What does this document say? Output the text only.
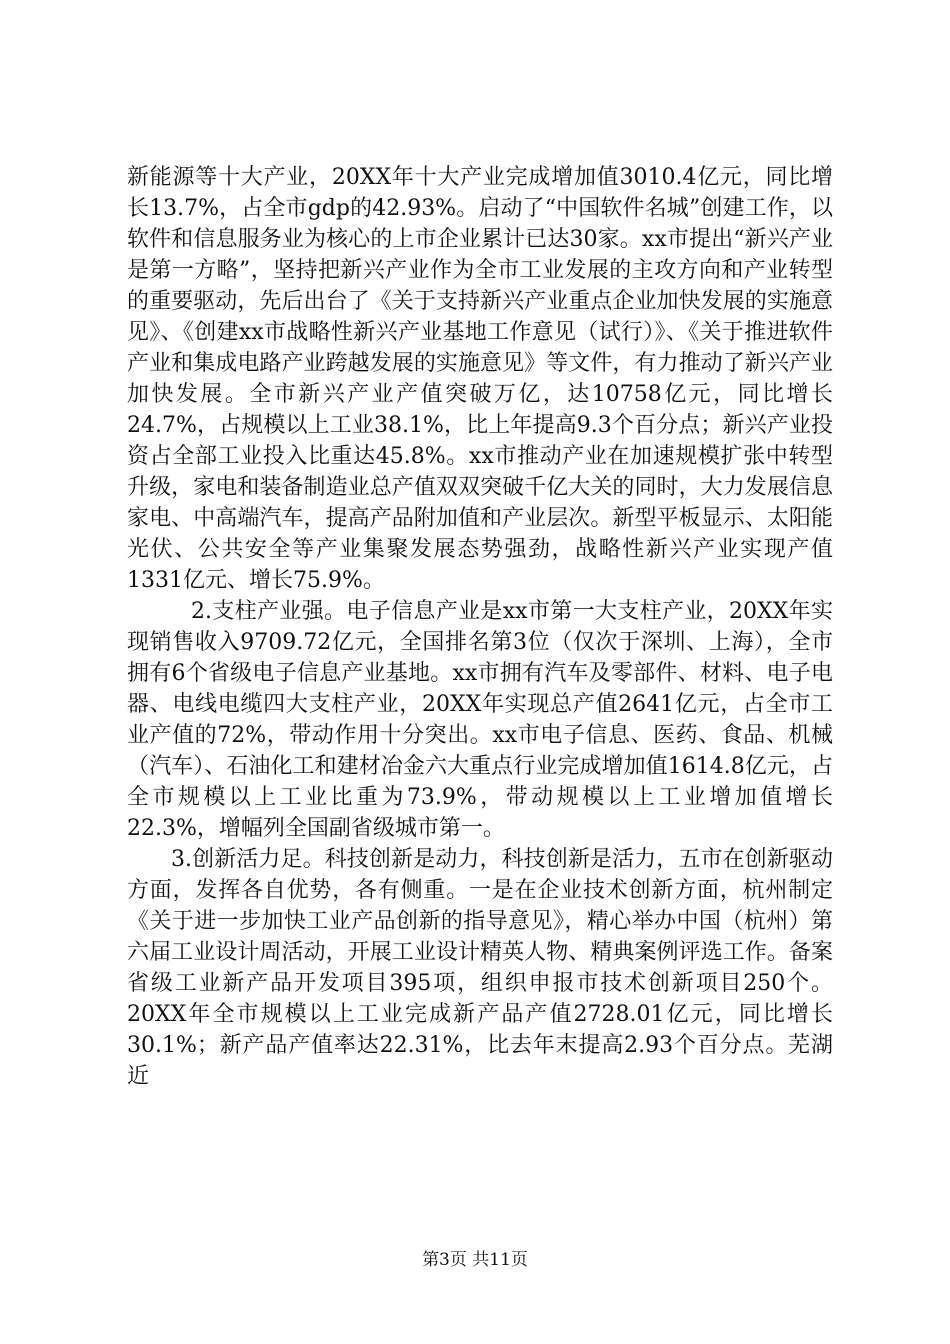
新能源等十大产业，20XX年十大产业完成增加值3010.4亿元，同比增长13.7%，占全市gdp的42.93%。启动了“中国软件名城”创建工作，以软件和信息服务业为核心的上市企业累计已达30家。xx市提出“新兴产业是第一方略”，坚持把新兴产业作为全市工业发展的主攻方向和产业转型的重要驱动，先后出台了《关于支持新兴产业重点企业加快发展的实施意见》、《创建xx市战略性新兴产业基地工作意见（试行）》、《关于推进软件产业和集成电路产业跨越发展的实施意见》等文件，有力推动了新兴产业加快发展。全市新兴产业产值突破万亿，达10758亿元，同比增长24.7%，占规模以上工业38.1%，比上年提高9.3个百分点；新兴产业投资占全部工业投入比重达45.8%。xx市推动产业在加速规模扩张中转型升级，家电和装备制造业总产值双双突破千亿大关的同时，大力发展信息家电、中高端汽车，提高产品附加值和产业层次。新型平板显示、太阳能光伏、公共安全等产业集聚发展态势强劲，战略性新兴产业实现产值1331亿元、增长75.9%。

2.支柱产业强。电子信息产业是xx市第一大支柱产业，20XX年实现销售收入9709.72亿元，全国排名第3位（仅次于深圳、上海），全市拥有6个省级电子信息产业基地。xx市拥有汽车及零部件、材料、电子电器、电线电缆四大支柱产业，20XX年实现总产值2641亿元，占全市工业产值的72%，带动作用十分突出。xx市电子信息、医药、食品、机械（汽车）、石油化工和建材冶金六大重点行业完成增加值1614.8亿元，占全市规模以上工业比重为73.9%，带动规模以上工业增加值增长22.3%，增幅列全国副省级城市第一。

3.创新活力足。科技创新是动力，科技创新是活力，五市在创新驱动方面，发挥各自优势，各有侧重。一是在企业技术创新方面，杭州制定《关于进一步加快工业产品创新的指导意见》，精心举办中国（杭州）第六届工业设计周活动，开展工业设计精英人物、精典案例评选工作。备案省级工业新产品开发项目395项，组织申报市技术创新项目250个。20XX年全市规模以上工业完成新产品产值2728.01亿元，同比增长30.1%；新产品产值率达22.31%，比去年末提高2.93个百分点。芜湖近

第3页 共11页
